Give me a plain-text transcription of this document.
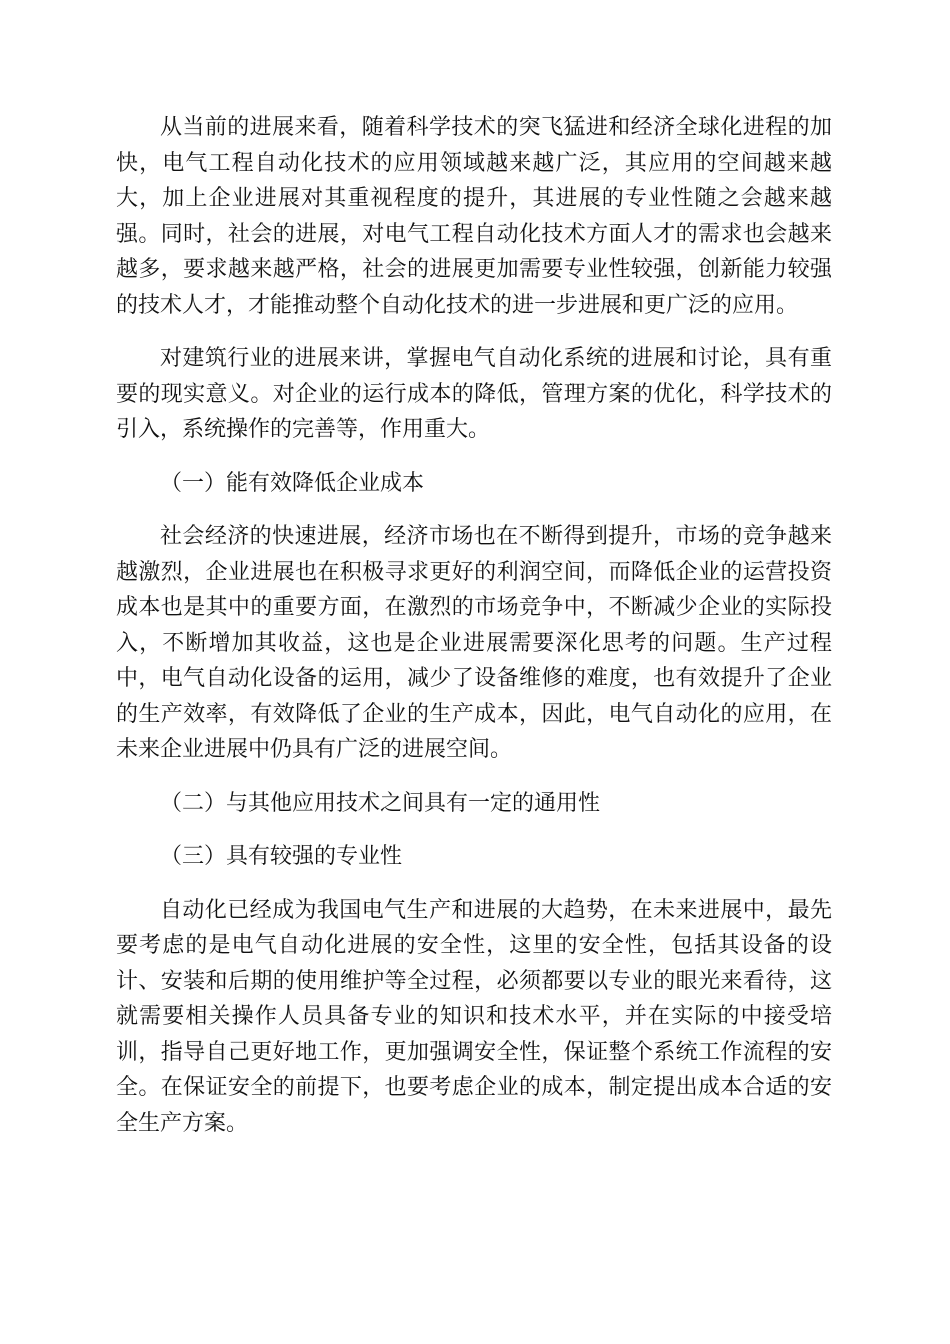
从当前的进展来看，随着科学技术的突飞猛进和经济全球化进程的加快，电气工程自动化技术的应用领域越来越广泛，其应用的空间越来越大，加上企业进展对其重视程度的提升，其进展的专业性随之会越来越强。同时，社会的进展，对电气工程自动化技术方面人才的需求也会越来越多，要求越来越严格，社会的进展更加需要专业性较强，创新能力较强的技术人才，才能推动整个自动化技术的进一步进展和更广泛的应用。

对建筑行业的进展来讲，掌握电气自动化系统的进展和讨论，具有重要的现实意义。对企业的运行成本的降低，管理方案的优化，科学技术的引入，系统操作的完善等，作用重大。

（一）能有效降低企业成本

社会经济的快速进展，经济市场也在不断得到提升，市场的竞争越来越激烈，企业进展也在积极寻求更好的利润空间，而降低企业的运营投资成本也是其中的重要方面，在激烈的市场竞争中，不断减少企业的实际投入，不断增加其收益，这也是企业进展需要深化思考的问题。生产过程中，电气自动化设备的运用，减少了设备维修的难度，也有效提升了企业的生产效率，有效降低了企业的生产成本，因此，电气自动化的应用，在未来企业进展中仍具有广泛的进展空间。

（二）与其他应用技术之间具有一定的通用性

（三）具有较强的专业性

自动化已经成为我国电气生产和进展的大趋势，在未来进展中，最先要考虑的是电气自动化进展的安全性，这里的安全性，包括其设备的设计、安装和后期的使用维护等全过程，必须都要以专业的眼光来看待，这就需要相关操作人员具备专业的知识和技术水平，并在实际的中接受培训，指导自己更好地工作，更加强调安全性，保证整个系统工作流程的安全。在保证安全的前提下，也要考虑企业的成本，制定提出成本合适的安全生产方案。
